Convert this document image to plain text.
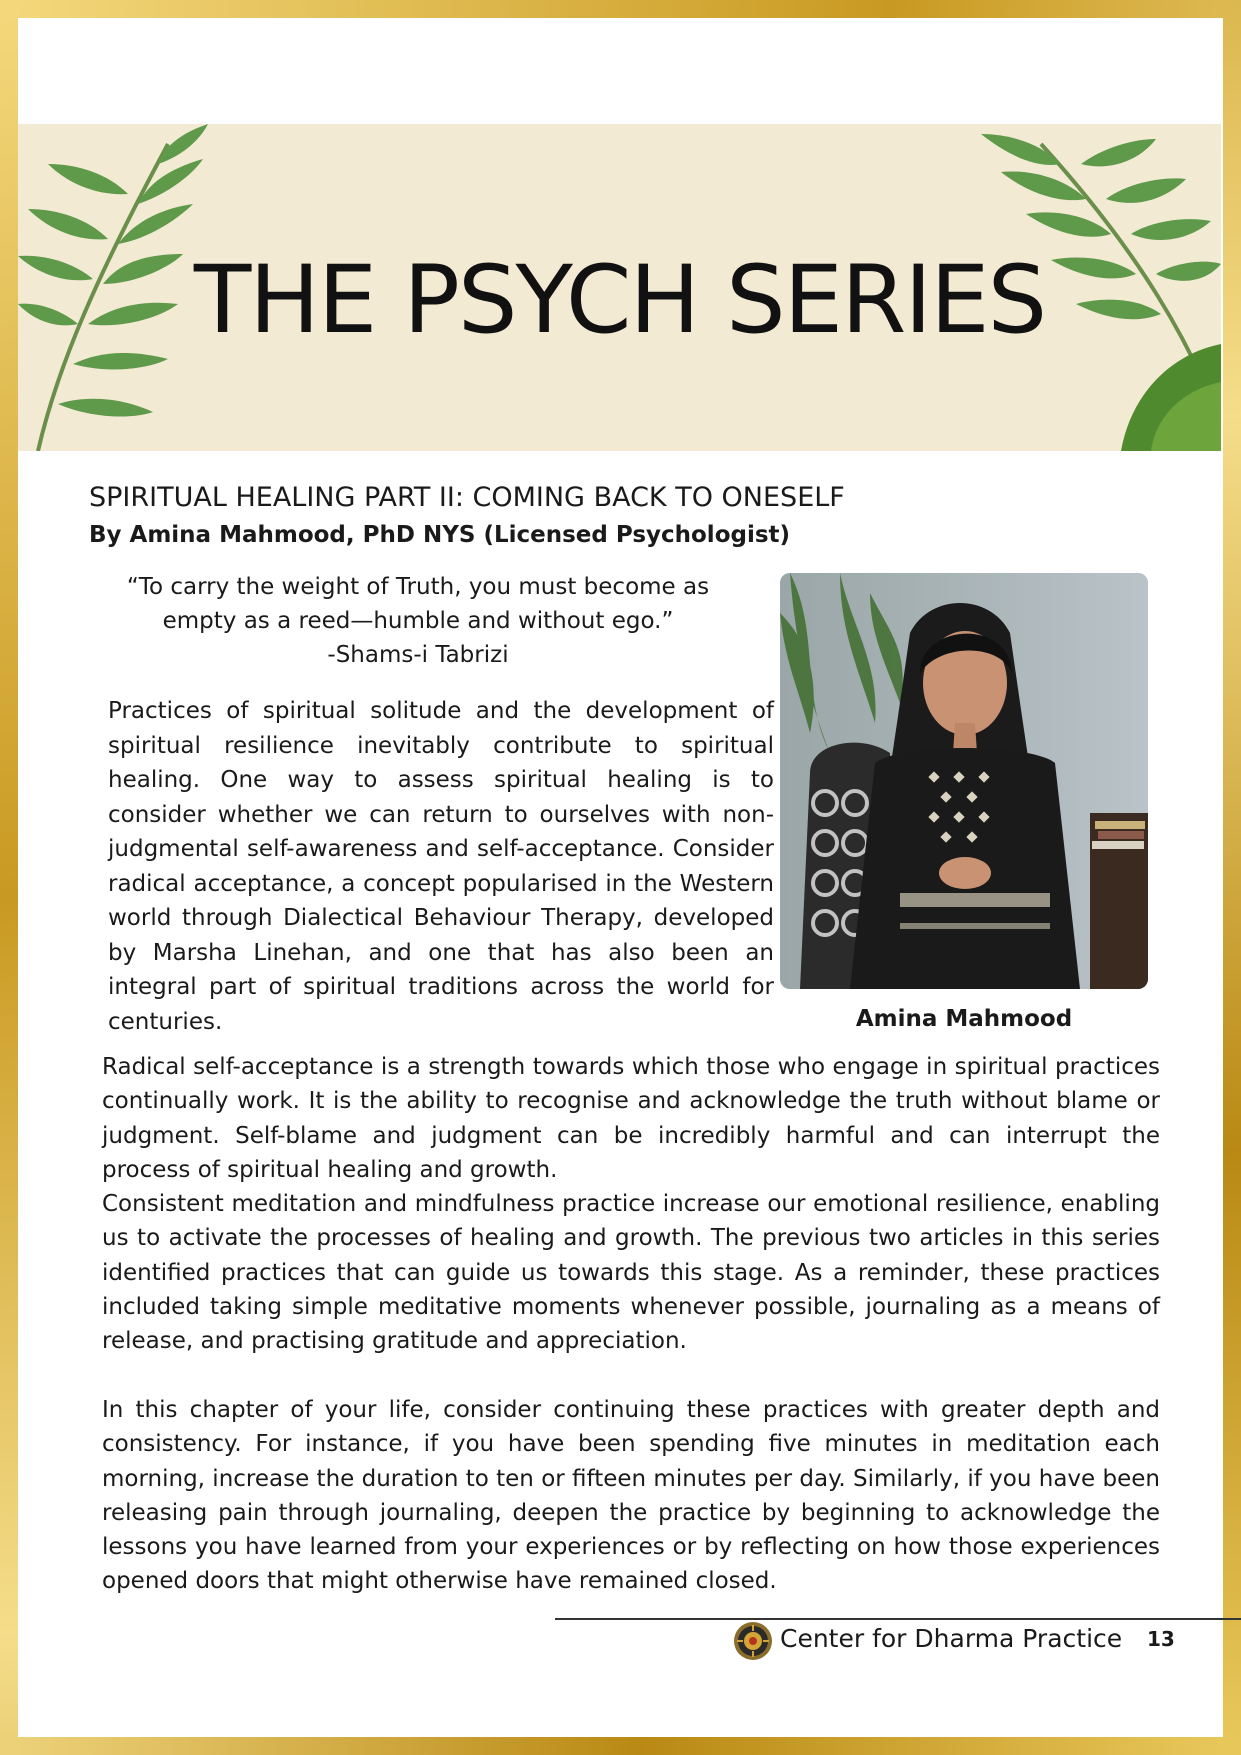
THE PSYCH SERIES
SPIRITUAL HEALING PART II: COMING BACK TO ONESELF
By Amina Mahmood, PhD NYS (Licensed Psychologist)
“To carry the weight of Truth, you must become as
empty as a reed—humble and without ego.”

-Shams-i Tabrizi
Practices of spiritual solitude and the development of spiritual resilience inevitably contribute to spiritual healing. One way to assess spiritual healing is to consider whether we can return to ourselves with non-judgmental self-awareness and self-acceptance. Consider radical acceptance, a concept popularised in the Western world through Dialectical Behaviour Therapy, developed by Marsha Linehan, and one that has also been an integral part of spiritual traditions across the world for centuries.	Amina Mahmood
Radical self-acceptance is a strength towards which those who engage in spiritual practices continually work. It is the ability to recognise and acknowledge the truth without blame or judgment. Self-blame and judgment can be incredibly harmful and can interrupt the process of spiritual healing and growth.
Consistent meditation and mindfulness practice increase our emotional resilience, enabling us to activate the processes of healing and growth. The previous two articles in this series identified practices that can guide us towards this stage. As a reminder, these practices included taking simple meditative moments whenever possible, journaling as a means of release, and practising gratitude and appreciation.
In this chapter of your life, consider continuing these practices with greater depth and consistency. For instance, if you have been spending five minutes in meditation each morning, increase the duration to ten or fifteen minutes per day. Similarly, if you have been releasing pain through journaling, deepen the practice by beginning to acknowledge the lessons you have learned from your experiences or by reflecting on how those experiences opened doors that might otherwise have remained closed.
Center for Dharma Practice 13
